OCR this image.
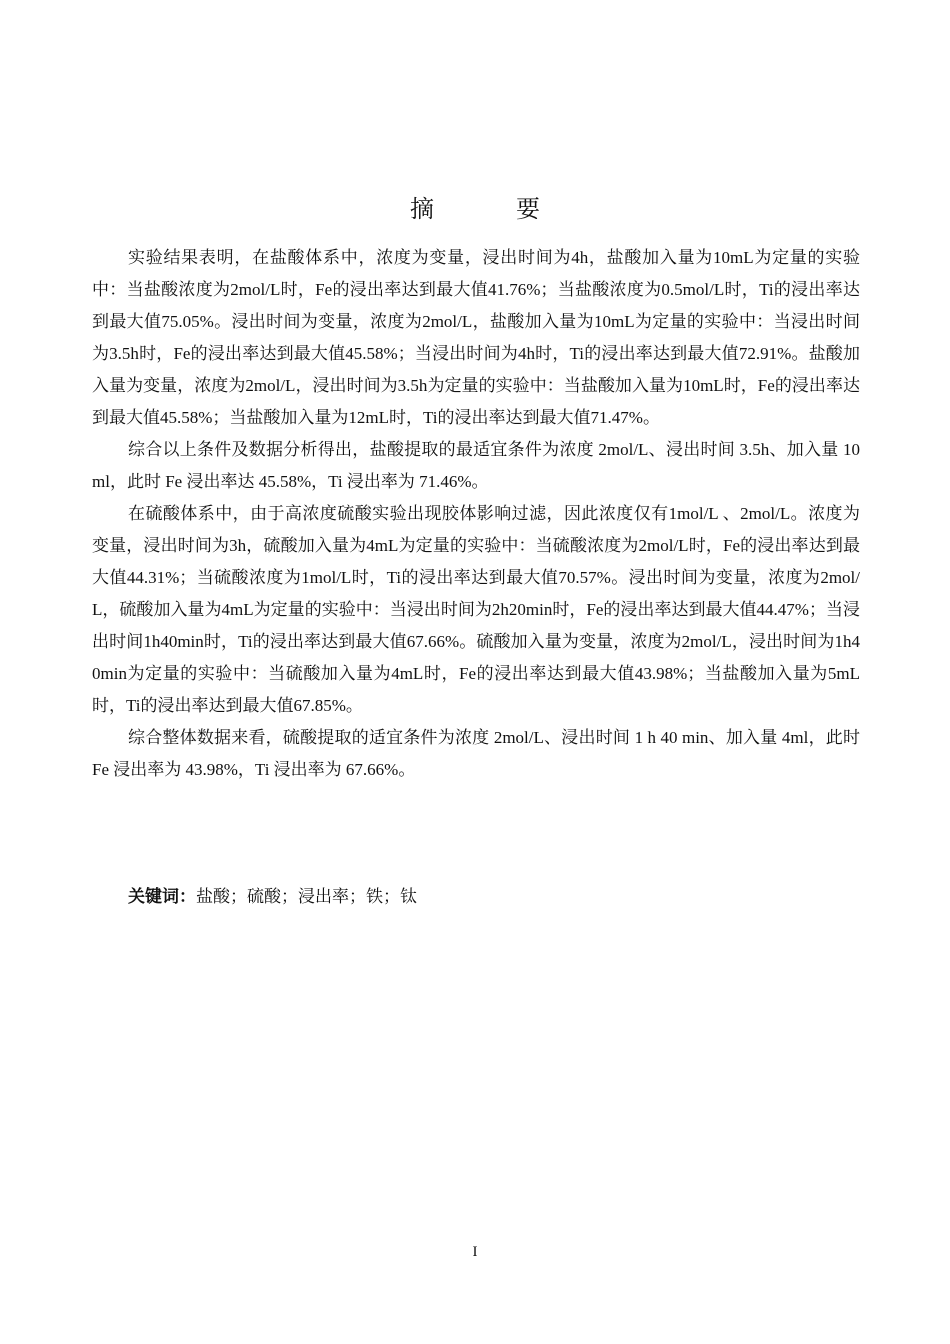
摘 要

实验结果表明，在盐酸体系中，浓度为变量，浸出时间为4h，盐酸加入量为10mL为定量的实验中：当盐酸浓度为2mol/L时，Fe的浸出率达到最大值41.76%；当盐酸浓度为0.5mol/L时，Ti的浸出率达到最大值75.05%。浸出时间为变量，浓度为2mol/L，盐酸加入量为10mL为定量的实验中：当浸出时间为3.5h时，Fe的浸出率达到最大值45.58%；当浸出时间为4h时，Ti的浸出率达到最大值72.91%。盐酸加入量为变量，浓度为2mol/L，浸出时间为3.5h为定量的实验中：当盐酸加入量为10mL时，Fe的浸出率达到最大值45.58%；当盐酸加入量为12mL时，Ti的浸出率达到最大值71.47%。

综合以上条件及数据分析得出，盐酸提取的最适宜条件为浓度 2mol/L、浸出时间 3.5h、加入量 10ml，此时 Fe 浸出率达 45.58%，Ti 浸出率为 71.46%。

在硫酸体系中，由于高浓度硫酸实验出现胶体影响过滤，因此浓度仅有1mol/L 、2mol/L。浓度为变量，浸出时间为3h，硫酸加入量为4mL为定量的实验中：当硫酸浓度为2mol/L时，Fe的浸出率达到最大值44.31%；当硫酸浓度为1mol/L时，Ti的浸出率达到最大值70.57%。浸出时间为变量，浓度为2mol/L，硫酸加入量为4mL为定量的实验中：当浸出时间为2h20min时，Fe的浸出率达到最大值44.47%；当浸出时间1h40min时，Ti的浸出率达到最大值67.66%。硫酸加入量为变量，浓度为2mol/L，浸出时间为1h40min为定量的实验中：当硫酸加入量为4mL时，Fe的浸出率达到最大值43.98%；当盐酸加入量为5mL时，Ti的浸出率达到最大值67.85%。

综合整体数据来看，硫酸提取的适宜条件为浓度 2mol/L、浸出时间 1 h 40 min、加入量 4ml，此时 Fe 浸出率为 43.98%，Ti 浸出率为 67.66%。

关键词：盐酸；硫酸；浸出率；铁；钛
I
